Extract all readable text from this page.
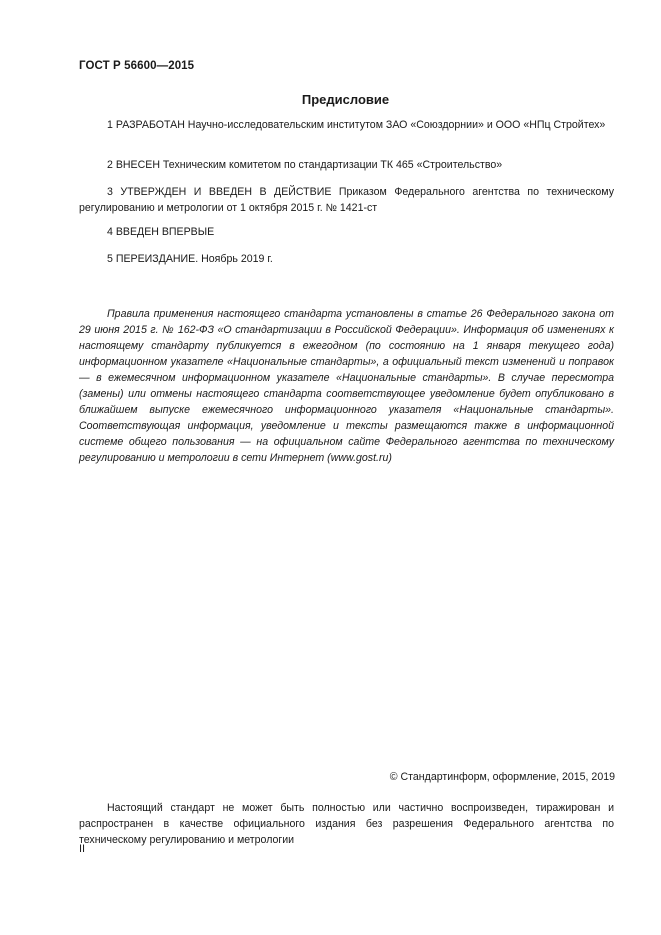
ГОСТ Р 56600—2015
Предисловие
1 РАЗРАБОТАН Научно-исследовательским институтом ЗАО «Союздорнии» и ООО «НПц Стройтех»
2 ВНЕСЕН Техническим комитетом по стандартизации ТК 465 «Строительство»
3 УТВЕРЖДЕН И ВВЕДЕН В ДЕЙСТВИЕ Приказом Федерального агентства по техническому регулированию и метрологии от 1 октября 2015 г. № 1421-ст
4 ВВЕДЕН ВПЕРВЫЕ
5 ПЕРЕИЗДАНИЕ. Ноябрь 2019 г.
Правила применения настоящего стандарта установлены в статье 26 Федерального закона от 29 июня 2015 г. № 162-ФЗ «О стандартизации в Российской Федерации». Информация об изменениях к настоящему стандарту публикуется в ежегодном (по состоянию на 1 января текущего года) информационном указателе «Национальные стандарты», а официальный текст изменений и поправок — в ежемесячном информационном указателе «Национальные стандарты». В случае пересмотра (замены) или отмены настоящего стандарта соответствующее уведомление будет опубликовано в ближайшем выпуске ежемесячного информационного указателя «Национальные стандарты». Соответствующая информация, уведомление и тексты размещаются также в информационной системе общего пользования — на официальном сайте Федерального агентства по техническому регулированию и метрологии в сети Интернет (www.gost.ru)
© Стандартинформ, оформление, 2015, 2019
Настоящий стандарт не может быть полностью или частично воспроизведен, тиражирован и распространен в качестве официального издания без разрешения Федерального агентства по техническому регулированию и метрологии
II
